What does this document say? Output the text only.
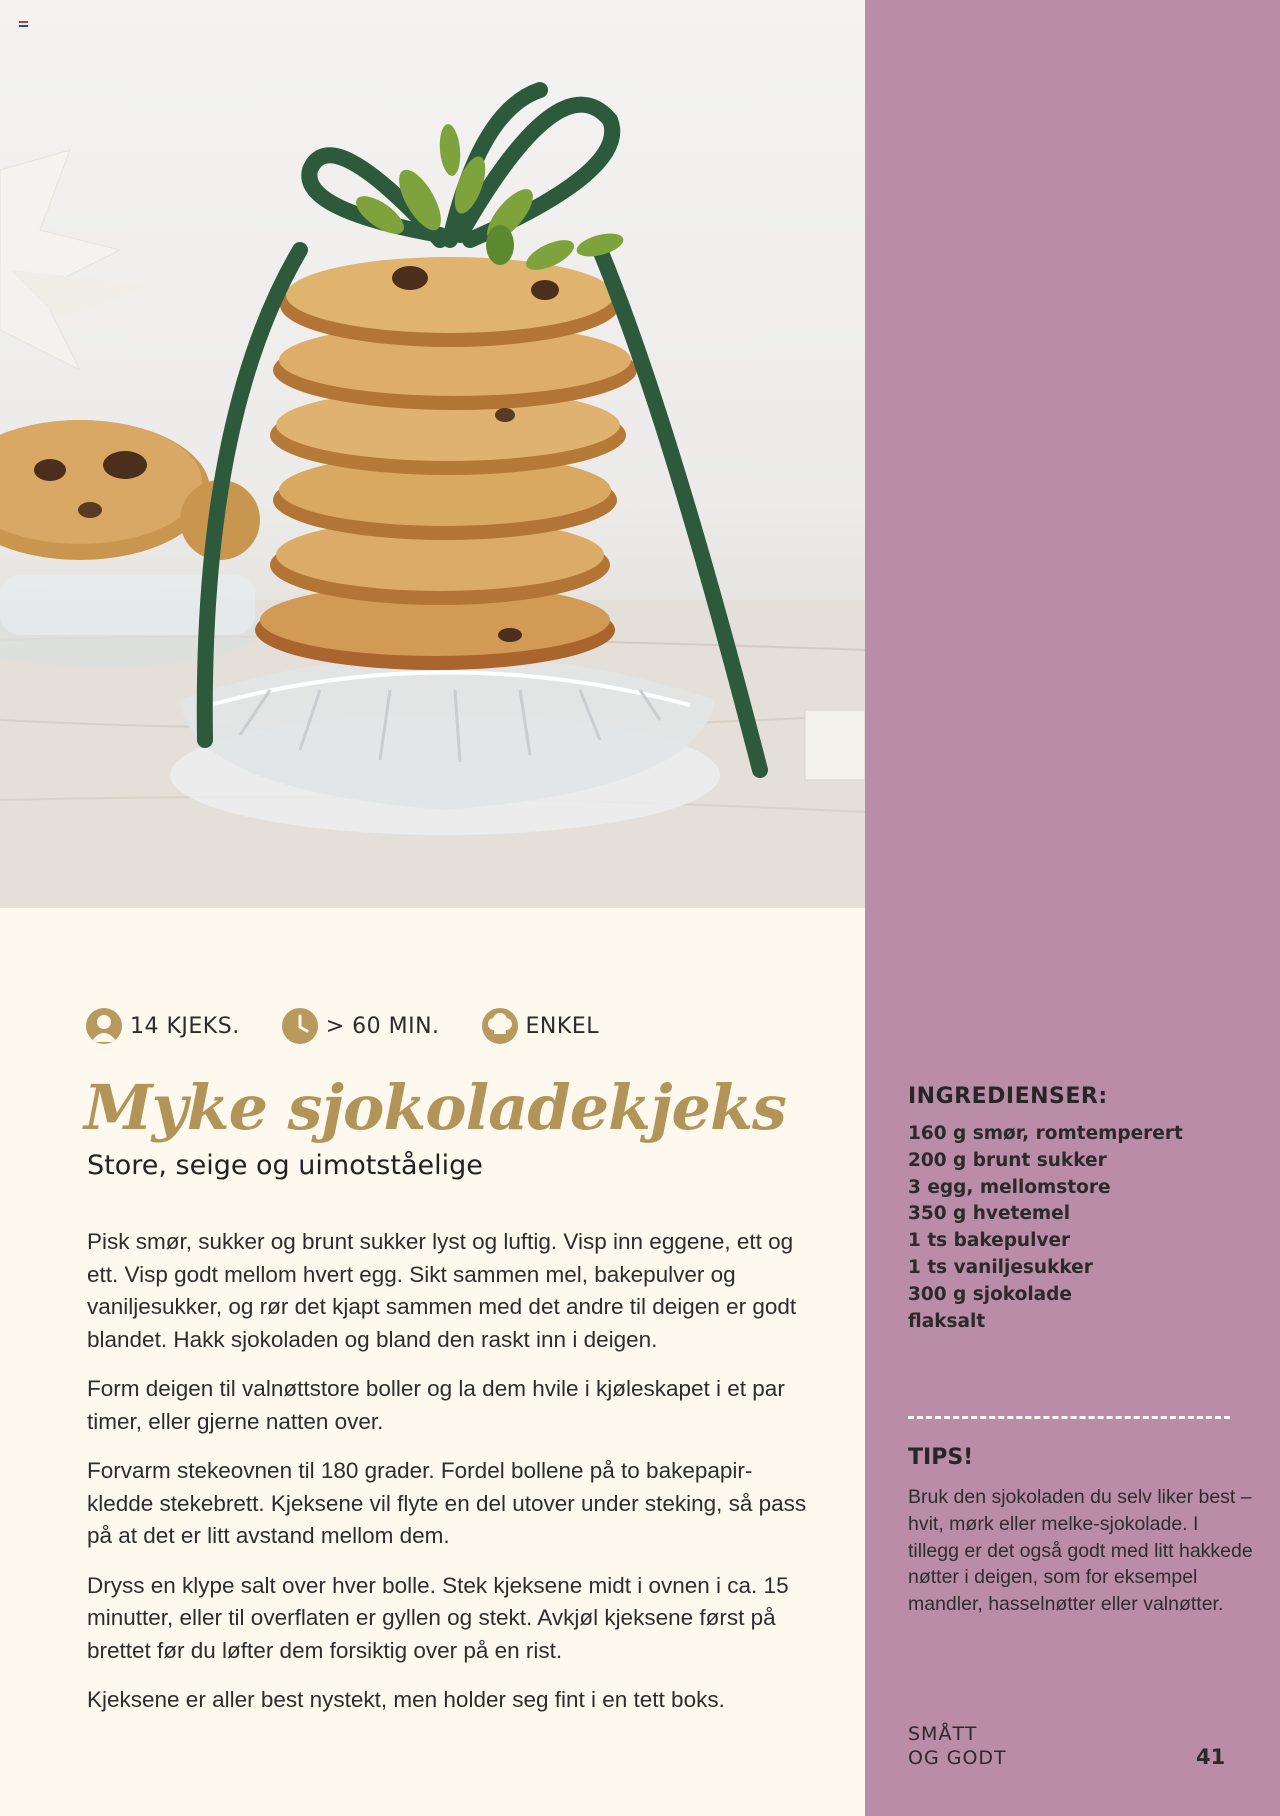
14 KJEKS.	> 60 MIN.	ENKEL
Myke sjokoladekjeks
Store, seige og uimotståelige

Pisk smør, sukker og brunt sukker lyst og luftig. Visp inn eggene, ett og ett. Visp godt mellom hvert egg. Sikt sammen mel, bakepulver og vaniljesukker, og rør det kjapt sammen med det andre til deigen er godt blandet. Hakk sjokoladen og bland den raskt inn i deigen.

Form deigen til valnøttstore boller og la dem hvile i kjøleskapet i et par timer, eller gjerne natten over.

Forvarm stekeovnen til 180 grader. Fordel bollene på to bakepapir-kledde stekebrett. Kjeksene vil flyte en del utover under steking, så pass på at det er litt avstand mellom dem.

Dryss en klype salt over hver bolle. Stek kjeksene midt i ovnen i ca. 15 minutter, eller til overflaten er gyllen og stekt. Avkjøl kjeksene først på brettet før du løfter dem forsiktig over på en rist.

Kjeksene er aller best nystekt, men holder seg fint i en tett boks.

INGREDIENSER:
160 g smør, romtemperert
200 g brunt sukker
3 egg, mellomstore
350 g hvetemel
1 ts bakepulver
1 ts vaniljesukker
300 g sjokolade
flaksalt
TIPS!
Bruk den sjokoladen du selv liker best – hvit, mørk eller melke-sjokolade. I tillegg er det også godt med litt hakkede nøtter i deigen, som for eksempel mandler, hasselnøtter eller valnøtter.
SMÅTT
OG GODT	41
